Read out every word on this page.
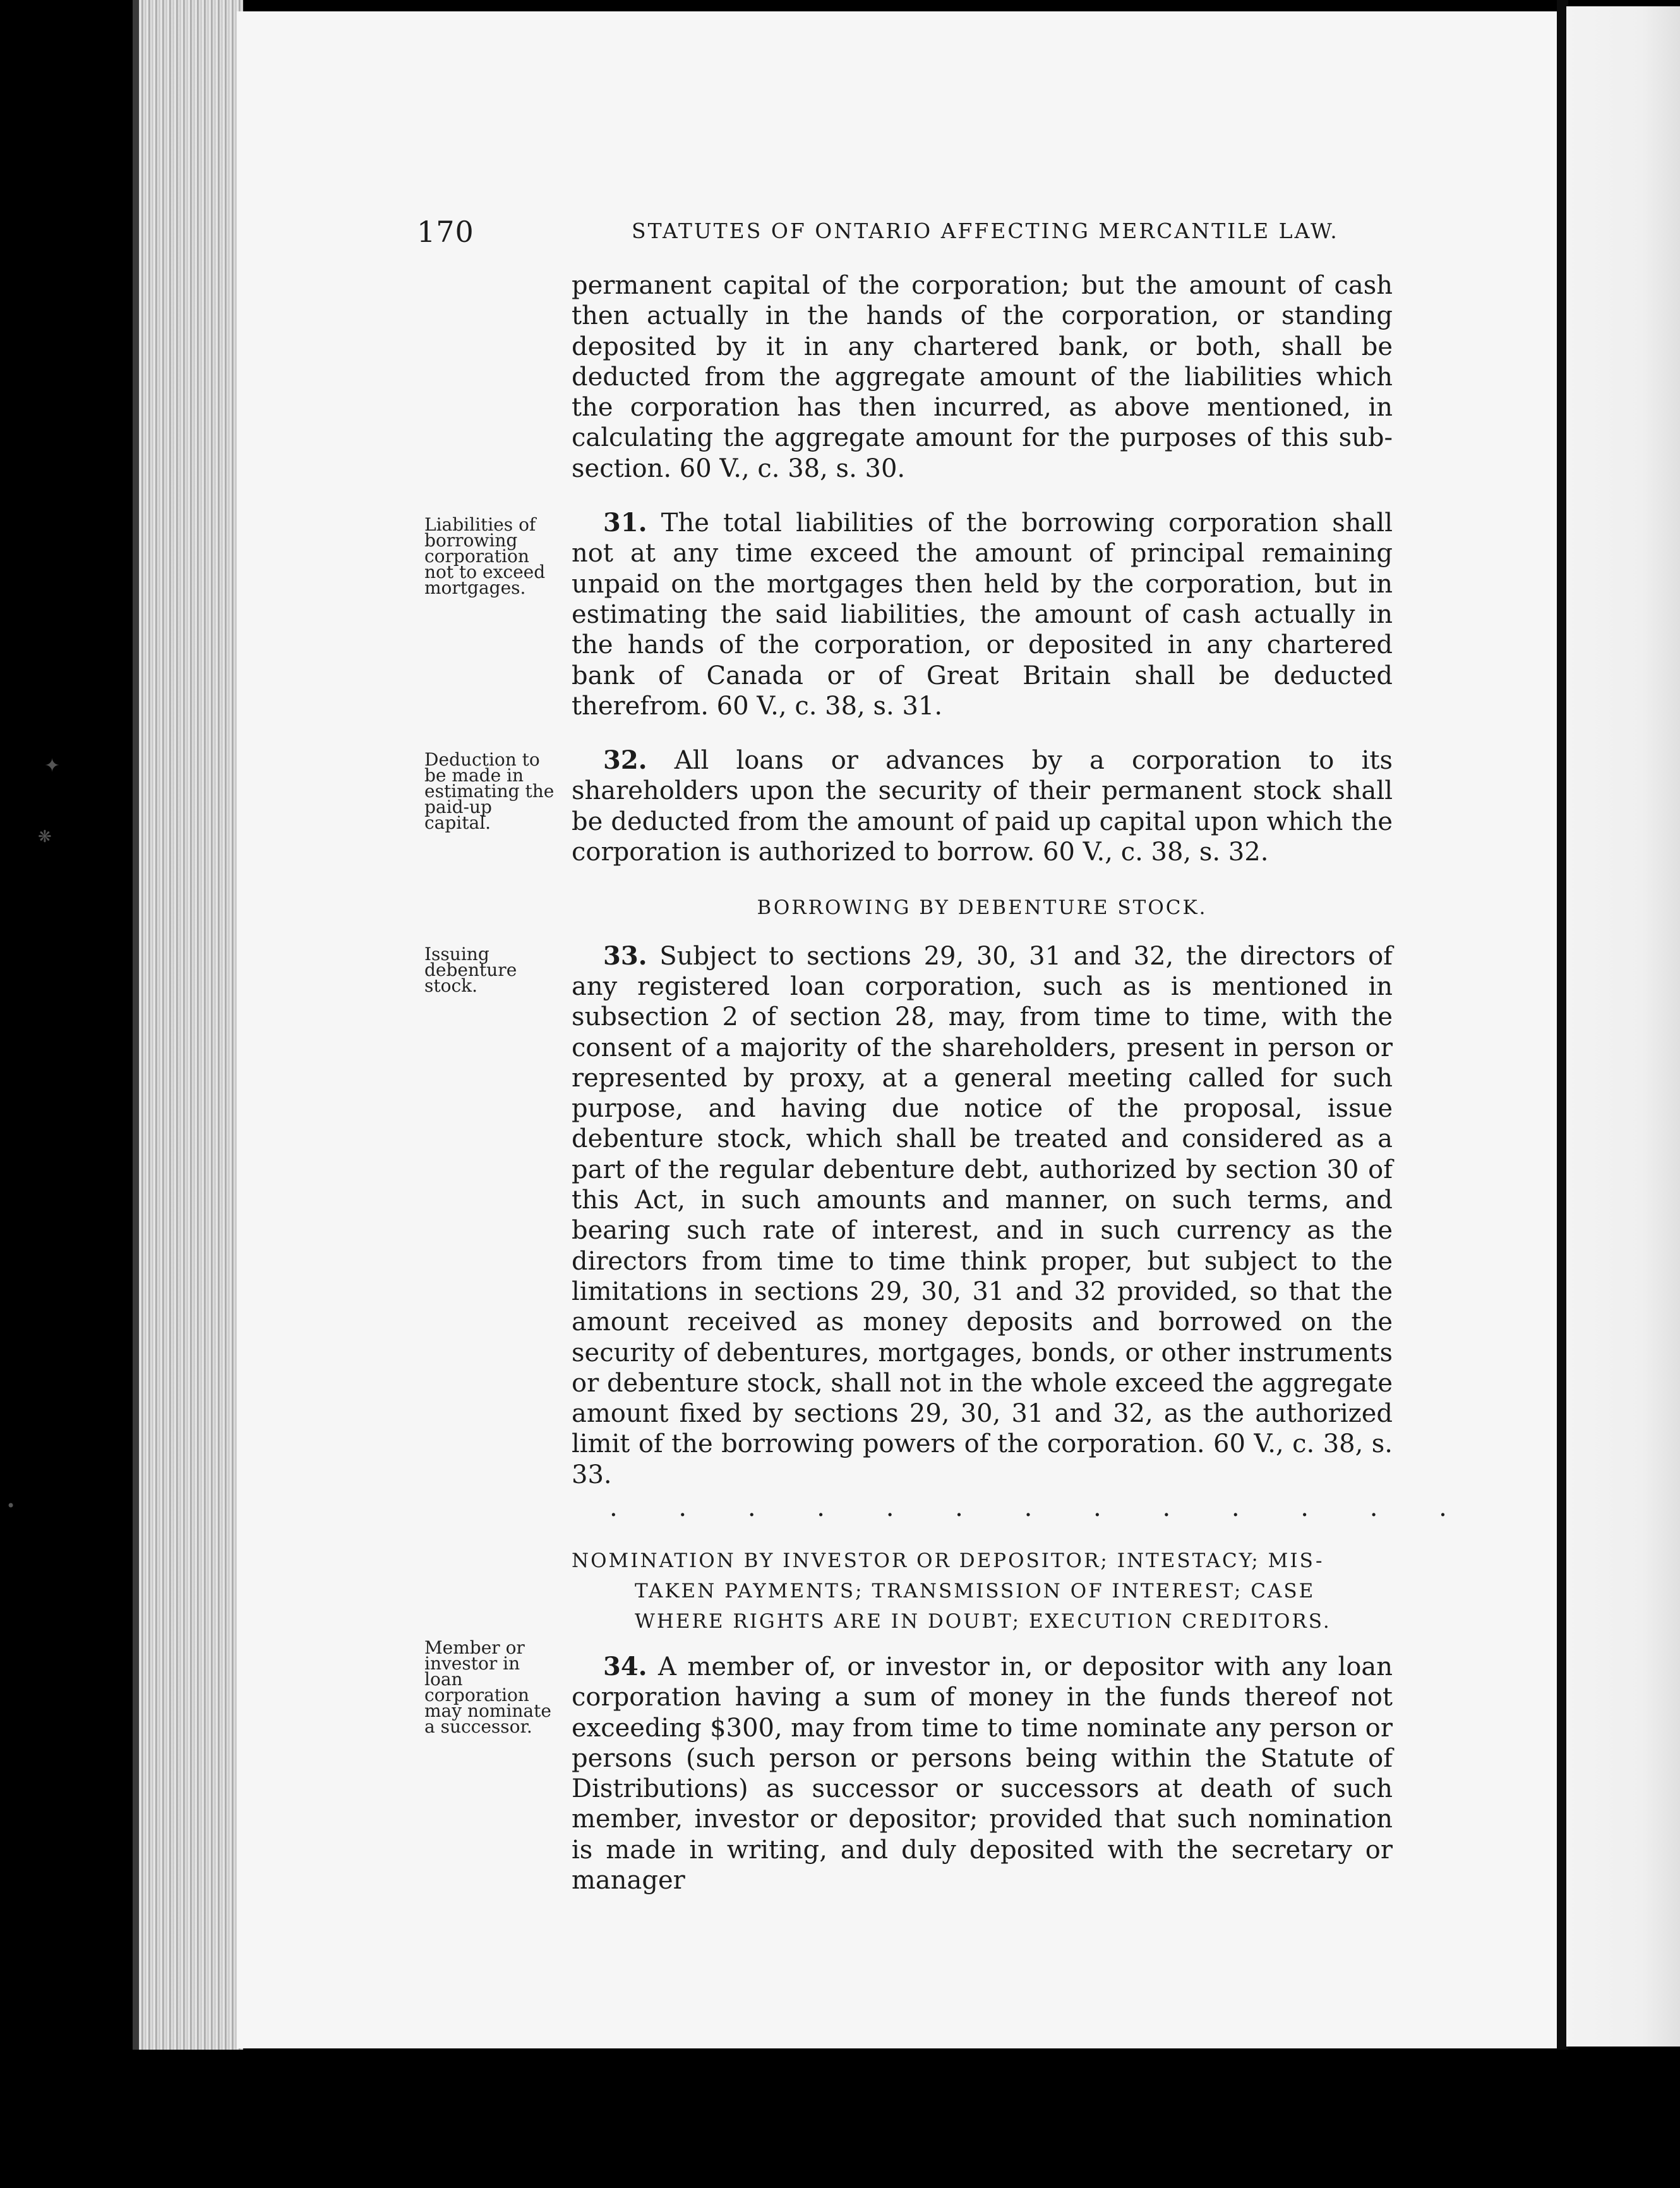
✦
❋
•
170	STATUTES OF ONTARIO AFFECTING MERCANTILE LAW.
Liabilities of borrowing corporation not to exceed mortgages.
Deduction to be made in estimating the paid-up capital.
Issuing debenture stock.
Member or investor in loan corporation may nominate a successor.

permanent capital of the corporation; but the amount of cash then actually in the hands of the corporation, or standing deposited by it in any chartered bank, or both, shall be deducted from the aggregate amount of the liabilities which the corporation has then incurred, as above mentioned, in calculating the aggregate amount for the purposes of this sub-section. 60 V., c. 38, s. 30.

31. The total liabilities of the borrowing corporation shall not at any time exceed the amount of principal remaining unpaid on the mortgages then held by the corporation, but in estimating the said liabilities, the amount of cash actually in the hands of the corporation, or deposited in any chartered bank of Canada or of Great Britain shall be deducted therefrom. 60 V., c. 38, s. 31.

32. All loans or advances by a corporation to its shareholders upon the security of their permanent stock shall be deducted from the amount of paid up capital upon which the corporation is authorized to borrow. 60 V., c. 38, s. 32.

BORROWING BY DEBENTURE STOCK.

33. Subject to sections 29, 30, 31 and 32, the directors of any registered loan corporation, such as is mentioned in subsection 2 of section 28, may, from time to time, with the consent of a majority of the shareholders, present in person or represented by proxy, at a general meeting called for such purpose, and having due notice of the proposal, issue debenture stock, which shall be treated and considered as a part of the regular debenture debt, authorized by section 30 of this Act, in such amounts and manner, on such terms, and bearing such rate of interest, and in such currency as the directors from time to time think proper, but subject to the limitations in sections 29, 30, 31 and 32 provided, so that the amount received as money deposits and borrowed on the security of debentures, mortgages, bonds, or other instruments or debenture stock, shall not in the whole exceed the aggregate amount fixed by sections 29, 30, 31 and 32, as the authorized limit of the borrowing powers of the corporation. 60 V., c. 38, s. 33.

. . . . . . . . . . . . .

NOMINATION BY INVESTOR OR DEPOSITOR; INTESTACY; MIS-
TAKEN PAYMENTS; TRANSMISSION OF INTEREST; CASE
WHERE RIGHTS ARE IN DOUBT; EXECUTION CREDITORS.

34. A member of, or investor in, or depositor with any loan corporation having a sum of money in the funds thereof not exceeding $300, may from time to time nominate any person or persons (such person or persons being within the Statute of Distributions) as successor or successors at death of such member, investor or depositor; provided that such nomination is made in writing, and duly deposited with the secretary or manager
